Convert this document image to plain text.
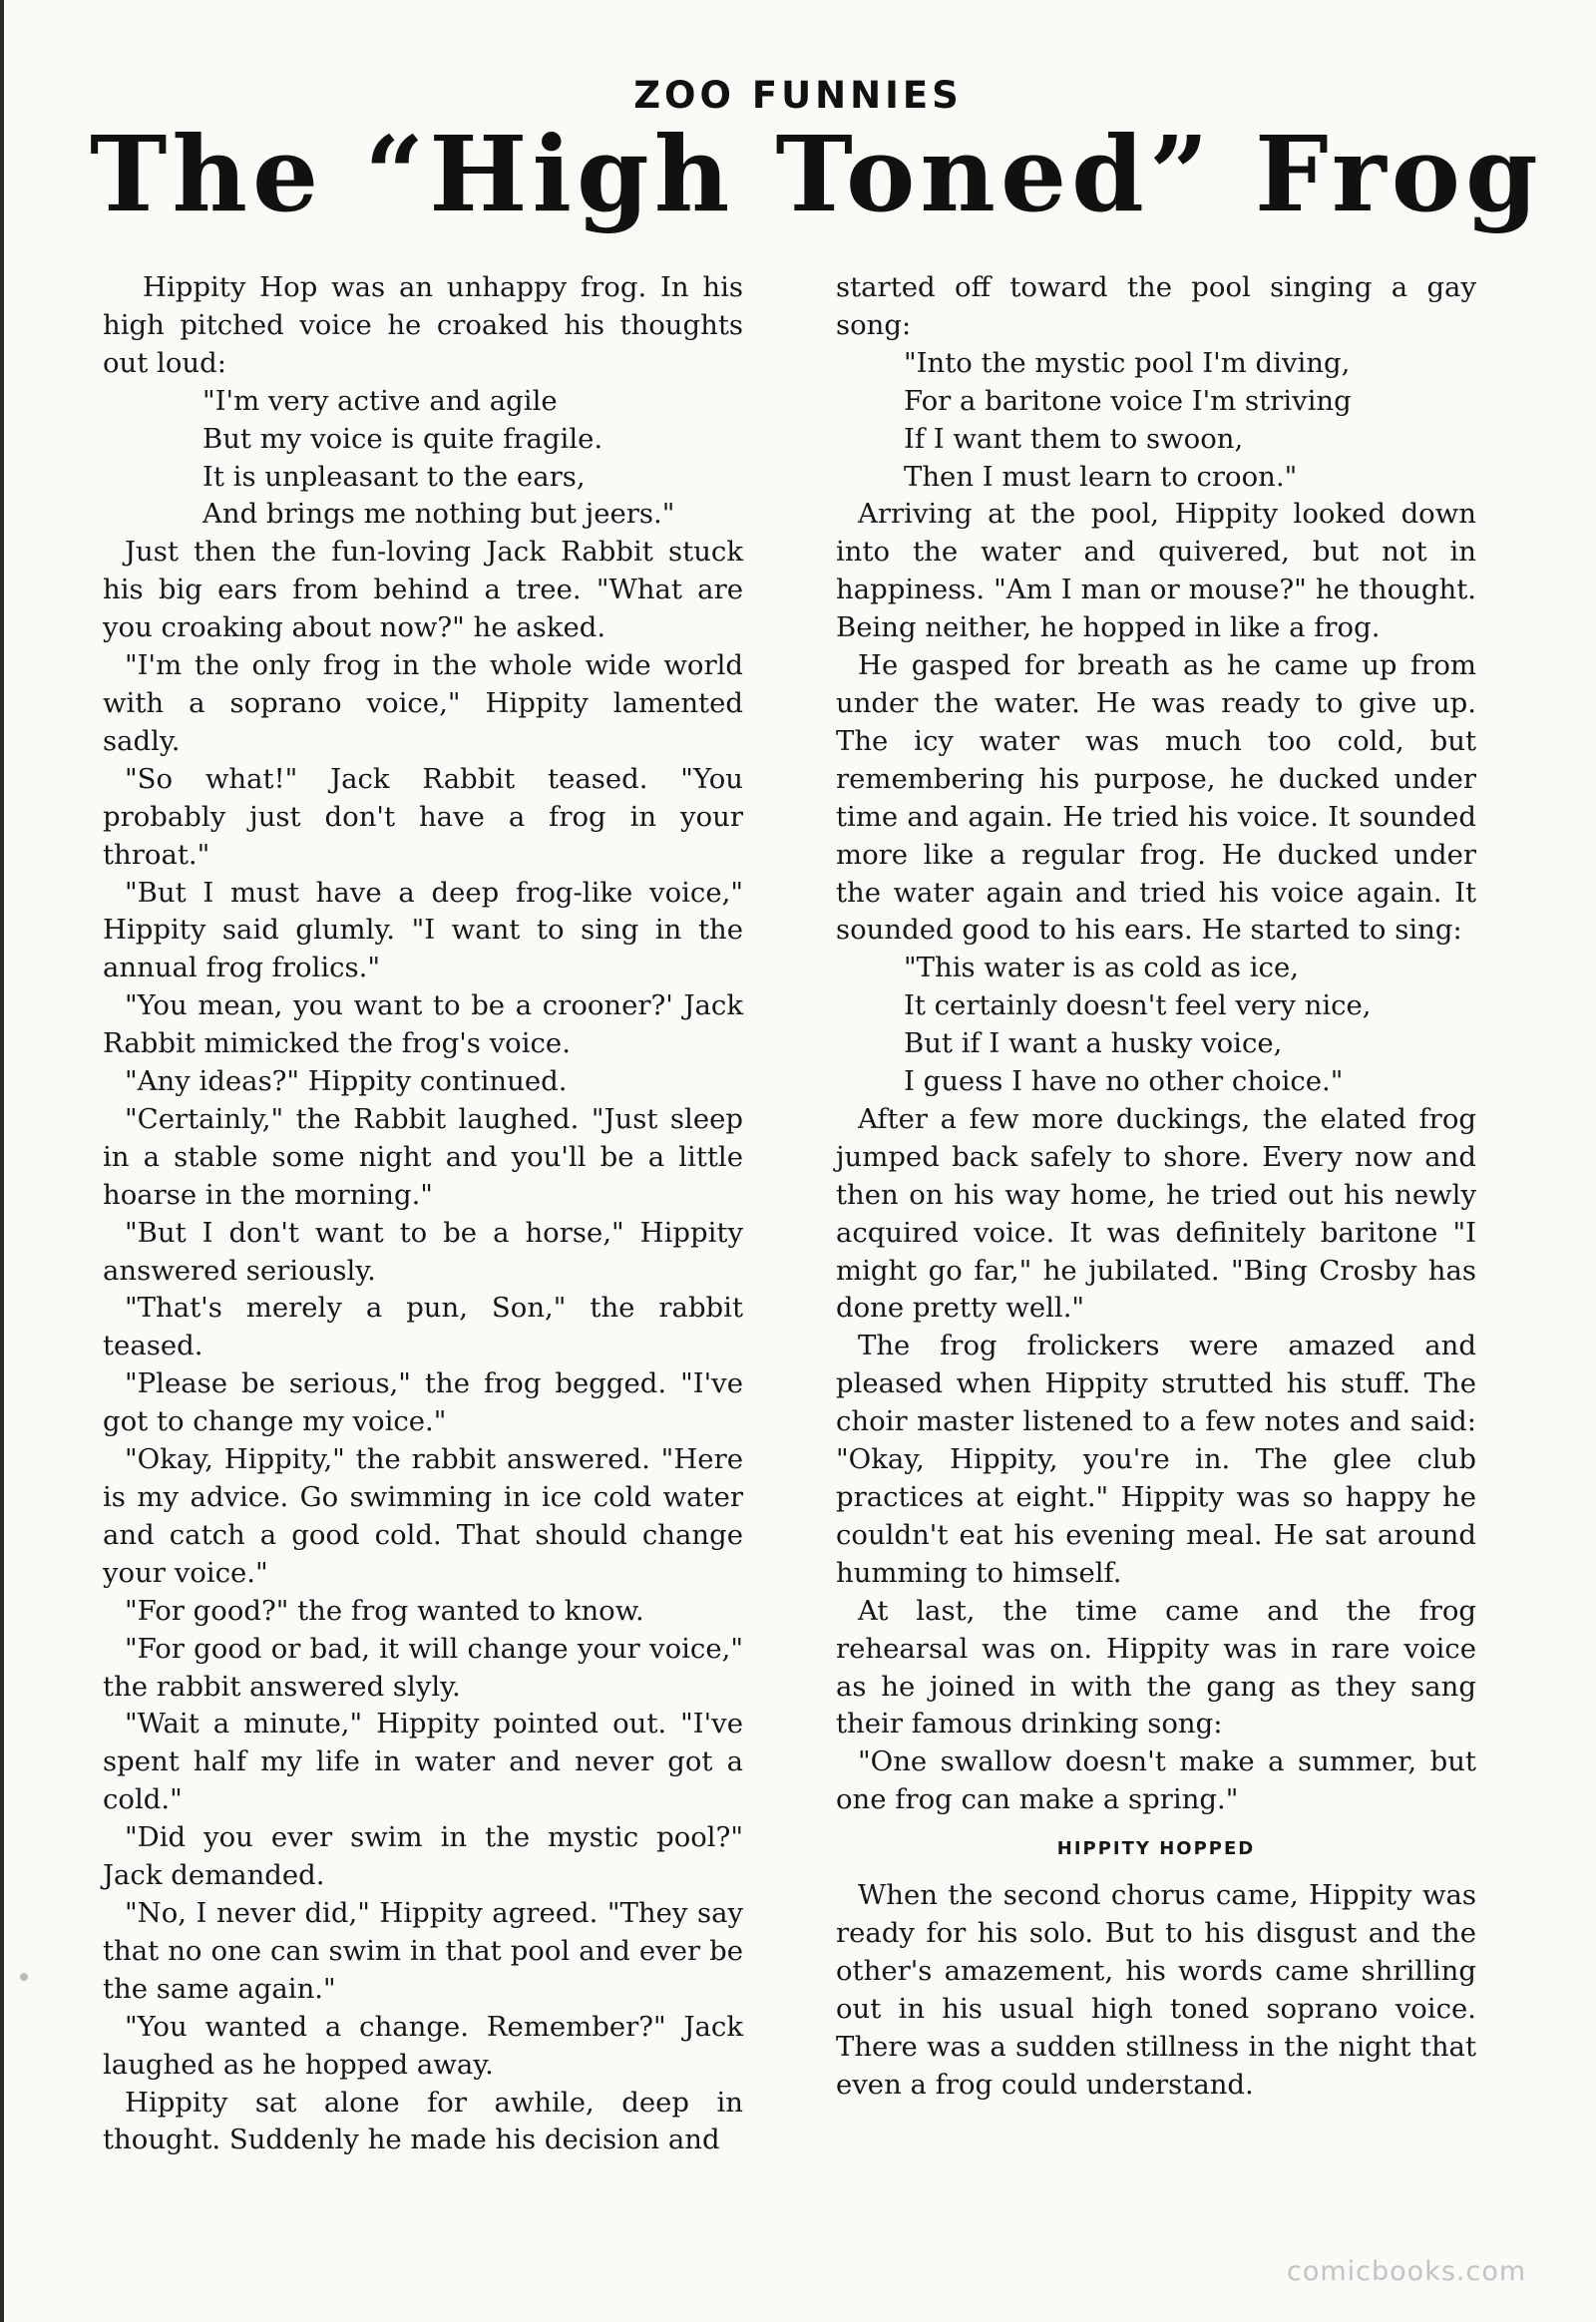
ZOO FUNNIES
The “High Toned” Frog

Hippity Hop was an unhappy frog. In his high pitched voice he croaked his thoughts out loud:

"I'm very active and agile
But my voice is quite fragile.
It is unpleasant to the ears,
And brings me nothing but jeers."

Just then the fun-loving Jack Rabbit stuck his big ears from behind a tree. "What are you croaking about now?" he asked.

"I'm the only frog in the whole wide world with a soprano voice," Hippity lamented sadly.

"So what!" Jack Rabbit teased. "You probably just don't have a frog in your throat."

"But I must have a deep frog-like voice," Hippity said glumly. "I want to sing in the annual frog frolics."

"You mean, you want to be a crooner?' Jack Rabbit mimicked the frog's voice.

"Any ideas?" Hippity continued.

"Certainly," the Rabbit laughed. "Just sleep in a stable some night and you'll be a little hoarse in the morning."

"But I don't want to be a horse," Hippity answered seriously.

"That's merely a pun, Son," the rabbit teased.

"Please be serious," the frog begged. "I've got to change my voice."

"Okay, Hippity," the rabbit answered. "Here is my advice. Go swimming in ice cold water and catch a good cold. That should change your voice."

"For good?" the frog wanted to know.

"For good or bad, it will change your voice," the rabbit answered slyly.

"Wait a minute," Hippity pointed out. "I've spent half my life in water and never got a cold."

"Did you ever swim in the mystic pool?" Jack demanded.

"No, I never did," Hippity agreed. "They say that no one can swim in that pool and ever be the same again."

"You wanted a change. Remember?" Jack laughed as he hopped away.

Hippity sat alone for awhile, deep in thought. Suddenly he made his decision and

started off toward the pool singing a gay song:

"Into the mystic pool I'm diving,
For a baritone voice I'm striving
If I want them to swoon,
Then I must learn to croon."

Arriving at the pool, Hippity looked down into the water and quivered, but not in happiness. "Am I man or mouse?" he thought. Being neither, he hopped in like a frog.

He gasped for breath as he came up from under the water. He was ready to give up. The icy water was much too cold, but remembering his purpose, he ducked under time and again. He tried his voice. It sounded more like a regular frog. He ducked under the water again and tried his voice again. It sounded good to his ears. He started to sing:

"This water is as cold as ice,
It certainly doesn't feel very nice,
But if I want a husky voice,
I guess I have no other choice."

After a few more duckings, the elated frog jumped back safely to shore. Every now and then on his way home, he tried out his newly acquired voice. It was definitely baritone "I might go far," he jubilated. "Bing Crosby has done pretty well."

The frog frolickers were amazed and pleased when Hippity strutted his stuff. The choir master listened to a few notes and said: "Okay, Hippity, you're in. The glee club practices at eight." Hippity was so happy he couldn't eat his evening meal. He sat around humming to himself.

At last, the time came and the frog rehearsal was on. Hippity was in rare voice as he joined in with the gang as they sang their famous drinking song:

"One swallow doesn't make a summer, but one frog can make a spring."

HIPPITY HOPPED

When the second chorus came, Hippity was ready for his solo. But to his disgust and the other's amazement, his words came shrilling out in his usual high toned soprano voice. There was a sudden stillness in the night that even a frog could understand.

comicbooks.com
